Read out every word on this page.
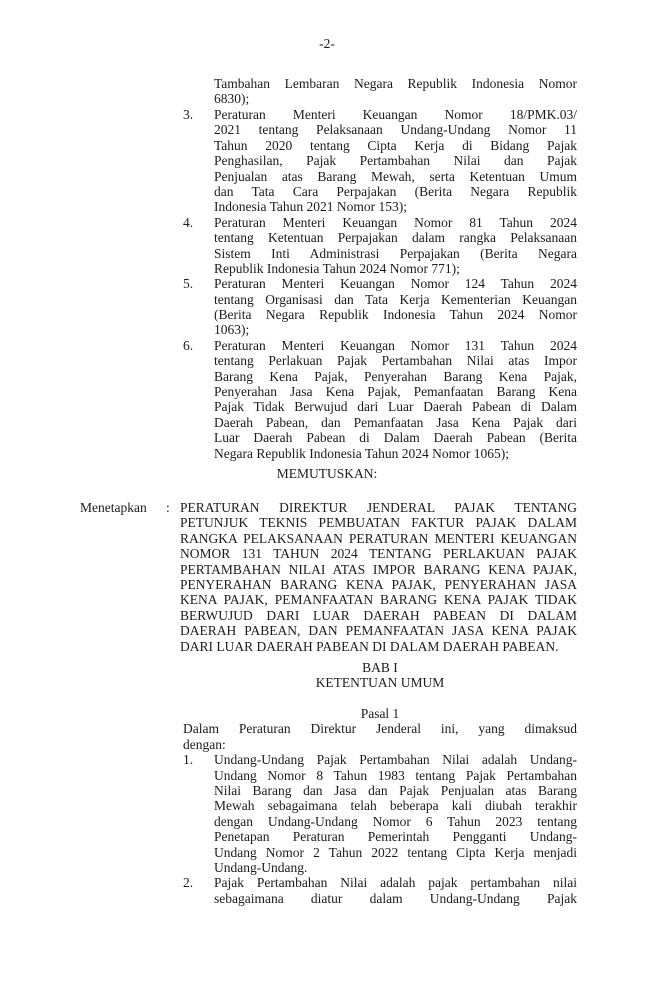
-2-
Tambahan Lembaran Negara Republik Indonesia Nomor
6830);
3.	Peraturan Menteri Keuangan Nomor 18/PMK.03/
2021 tentang Pelaksanaan Undang-Undang Nomor 11
Tahun 2020 tentang Cipta Kerja di Bidang Pajak
Penghasilan, Pajak Pertambahan Nilai dan Pajak
Penjualan atas Barang Mewah, serta Ketentuan Umum
dan Tata Cara Perpajakan (Berita Negara Republik
Indonesia Tahun 2021 Nomor 153);
4.	Peraturan Menteri Keuangan Nomor 81 Tahun 2024
tentang Ketentuan Perpajakan dalam rangka Pelaksanaan
Sistem Inti Administrasi Perpajakan (Berita Negara
Republik Indonesia Tahun 2024 Nomor 771);
5.	Peraturan Menteri Keuangan Nomor 124 Tahun 2024
tentang Organisasi dan Tata Kerja Kementerian Keuangan
(Berita Negara Republik Indonesia Tahun 2024 Nomor
1063);
6.	Peraturan Menteri Keuangan Nomor 131 Tahun 2024
tentang Perlakuan Pajak Pertambahan Nilai atas Impor
Barang Kena Pajak, Penyerahan Barang Kena Pajak,
Penyerahan Jasa Kena Pajak, Pemanfaatan Barang Kena
Pajak Tidak Berwujud dari Luar Daerah Pabean di Dalam
Daerah Pabean, dan Pemanfaatan Jasa Kena Pajak dari
Luar Daerah Pabean di Dalam Daerah Pabean (Berita
Negara Republik Indonesia Tahun 2024 Nomor 1065);
MEMUTUSKAN:
Menetapkan	: PERATURAN DIREKTUR JENDERAL PAJAK TENTANG
PETUNJUK TEKNIS PEMBUATAN FAKTUR PAJAK DALAM
RANGKA PELAKSANAAN PERATURAN MENTERI KEUANGAN
NOMOR 131 TAHUN 2024 TENTANG PERLAKUAN PAJAK
PERTAMBAHAN NILAI ATAS IMPOR BARANG KENA PAJAK,
PENYERAHAN BARANG KENA PAJAK, PENYERAHAN JASA
KENA PAJAK, PEMANFAATAN BARANG KENA PAJAK TIDAK
BERWUJUD DARI LUAR DAERAH PABEAN DI DALAM
DAERAH PABEAN, DAN PEMANFAATAN JASA KENA PAJAK
DARI LUAR DAERAH PABEAN DI DALAM DAERAH PABEAN.
BAB I
KETENTUAN UMUM
Pasal 1
Dalam Peraturan Direktur Jenderal ini, yang dimaksud
dengan:
1.	Undang-Undang Pajak Pertambahan Nilai adalah Undang-
Undang Nomor 8 Tahun 1983 tentang Pajak Pertambahan
Nilai Barang dan Jasa dan Pajak Penjualan atas Barang
Mewah sebagaimana telah beberapa kali diubah terakhir
dengan Undang-Undang Nomor 6 Tahun 2023 tentang
Penetapan Peraturan Pemerintah Pengganti Undang-
Undang Nomor 2 Tahun 2022 tentang Cipta Kerja menjadi
Undang-Undang.
2.	Pajak Pertambahan Nilai adalah pajak pertambahan nilai
sebagaimana diatur dalam Undang-Undang Pajak
